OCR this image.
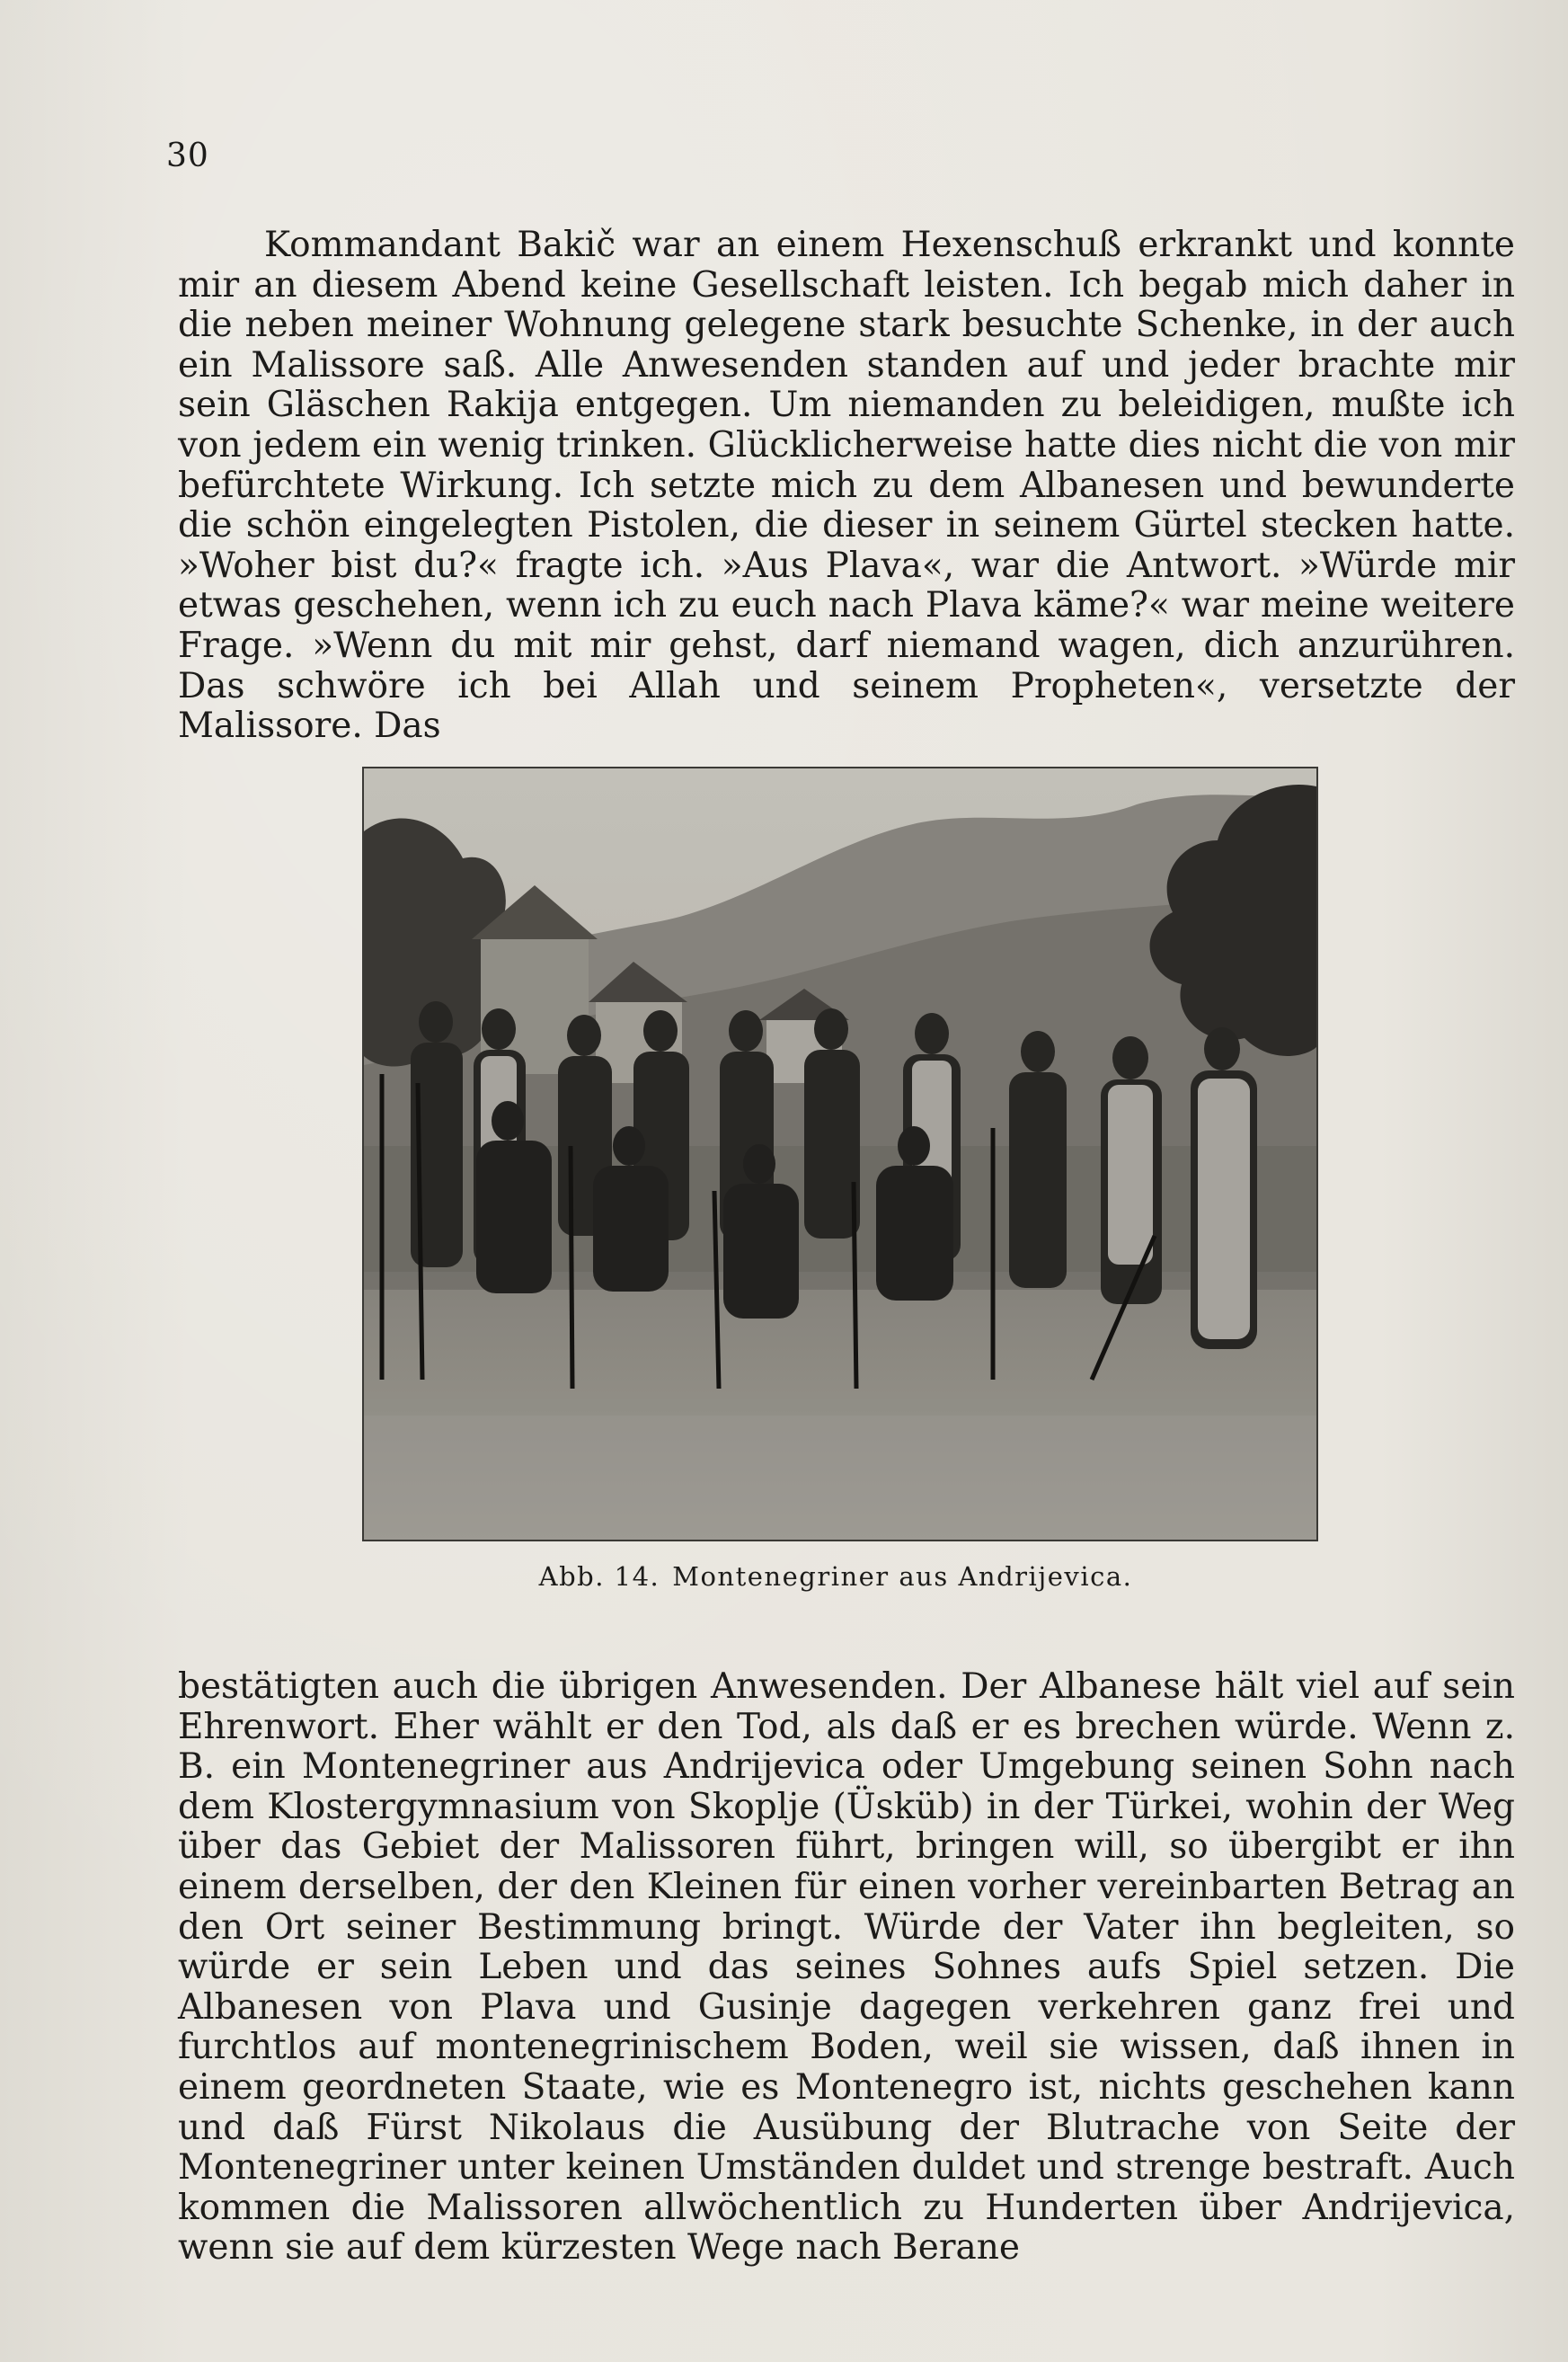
30

Kommandant Bakič war an einem Hexenschuß erkrankt und konnte mir an diesem Abend keine Gesellschaft leisten. Ich begab mich daher in die neben meiner Wohnung gelegene stark besuchte Schenke, in der auch ein Malissore saß. Alle Anwesenden standen auf und jeder brachte mir sein Gläschen Rakija entgegen. Um niemanden zu beleidigen, mußte ich von jedem ein wenig trinken. Glücklicherweise hatte dies nicht die von mir befürchtete Wirkung. Ich setzte mich zu dem Albanesen und bewunderte die schön eingelegten Pistolen, die dieser in seinem Gürtel stecken hatte. »Woher bist du?« fragte ich. »Aus Plava«, war die Antwort. »Würde mir etwas geschehen, wenn ich zu euch nach Plava käme?« war meine weitere Frage. »Wenn du mit mir gehst, darf niemand wagen, dich anzurühren. Das schwöre ich bei Allah und seinem Propheten«, versetzte der Malissore. Das

Abb. 14. Montenegriner aus Andrijevica.

bestätigten auch die übrigen Anwesenden. Der Albanese hält viel auf sein Ehrenwort. Eher wählt er den Tod, als daß er es brechen würde. Wenn z. B. ein Montenegriner aus Andrijevica oder Umgebung seinen Sohn nach dem Klostergymnasium von Skoplje (Üsküb) in der Türkei, wohin der Weg über das Gebiet der Malissoren führt, bringen will, so übergibt er ihn einem derselben, der den Kleinen für einen vorher vereinbarten Betrag an den Ort seiner Bestimmung bringt. Würde der Vater ihn begleiten, so würde er sein Leben und das seines Sohnes aufs Spiel setzen. Die Albanesen von Plava und Gusinje dagegen verkehren ganz frei und furchtlos auf montenegrinischem Boden, weil sie wissen, daß ihnen in einem geordneten Staate, wie es Montenegro ist, nichts geschehen kann und daß Fürst Nikolaus die Ausübung der Blutrache von Seite der Montenegriner unter keinen Umständen duldet und strenge bestraft. Auch kommen die Malissoren allwöchentlich zu Hunderten über Andrijevica, wenn sie auf dem kürzesten Wege nach Berane
